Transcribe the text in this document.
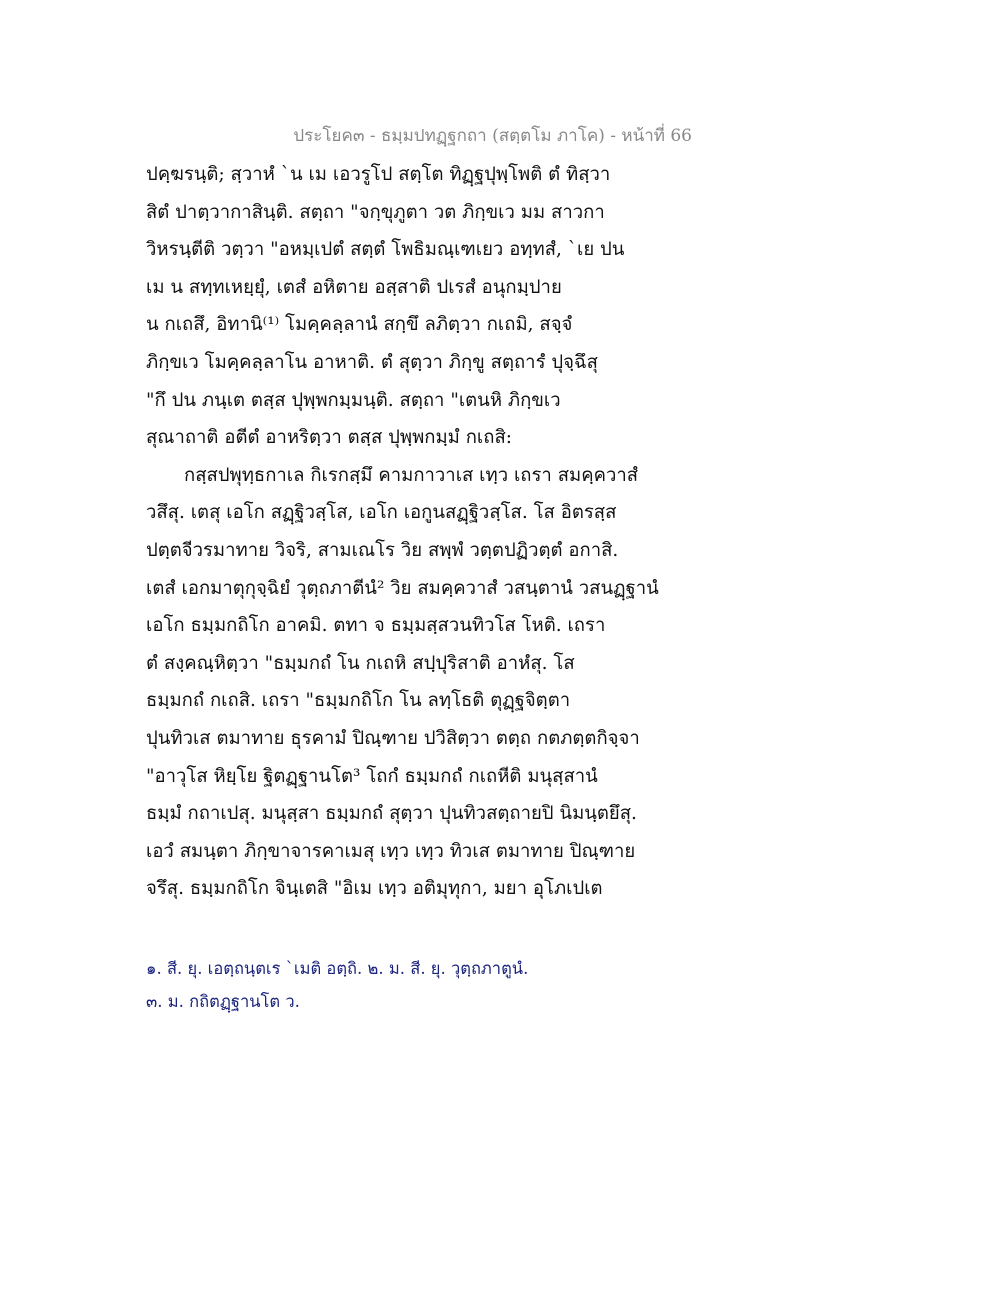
ประโยค๓ - ธมฺมปทฏฺฐกถา (สตฺตโม ภาโค) - หน้าที่ 66
ปคฺฆรนฺติ; สฺวาหํ `น เม เอวรูโป สตฺโต ทิฏฺฐปุพฺโพติ ตํ ทิสฺวา
สิตํ ปาตฺวากาสินฺติ. สตฺถา "จกฺขุภูตา วต ภิกฺขเว มม สาวกา
วิหรนฺตีติ วตฺวา "อหมฺเปตํ สตฺตํ โพธิมณฺเฑเยว อทฺทสํ, `เย ปน
เม น สทฺทเหยฺยุํ, เตสํ อหิตาย อสฺสาติ ปเรสํ อนุกมฺปาย
น กเถสึ, อิทานิ⁽¹⁾ โมคฺคลฺลานํ สกฺขึ ลภิตฺวา กเถมิ, สจฺจํ
ภิกฺขเว โมคฺคลฺลาโน อาหาติ. ตํ สุตฺวา ภิกฺขู สตฺถารํ ปุจฺฉึสุ
"กึ ปน ภนฺเต ตสฺส ปุพฺพกมฺมนฺติ. สตฺถา "เตนหิ ภิกฺขเว
สุณาถาติ อตีตํ อาหริตฺวา ตสฺส ปุพฺพกมฺมํ กเถสิ:
กสฺสปพุทฺธกาเล กิเรกสฺมึ คามกาวาเส เทฺว เถรา สมคฺควาสํ
วสึสุ. เตสุ เอโก สฏฺฐิวสฺโส, เอโก เอกูนสฏฺฐิวสฺโส. โส อิตรสฺส
ปตฺตจีวรมาทาย วิจริ, สามเณโร วิย สพฺพํ วตฺตปฏิวตฺตํ อกาสิ.
เตสํ เอกมาตุกุจฺฉิยํ วุตฺถภาตีนํ² วิย สมคฺควาสํ วสนฺตานํ วสนฏฺฐานํ
เอโก ธมฺมกถิโก อาคมิ. ตทา จ ธมฺมสฺสวนทิวโส โหติ. เถรา
ตํ สงฺคณฺหิตฺวา "ธมฺมกถํ โน กเถหิ สปฺปุริสาติ อาหํสุ. โส
ธมฺมกถํ กเถสิ. เถรา "ธมฺมกถิโก โน ลทฺโธติ ตุฏฺฐจิตฺตา
ปุนทิวเส ตมาทาย ธุรคามํ ปิณฺฑาย ปวิสิตฺวา ตตฺถ กตภตฺตกิจฺจา
"อาวุโส หิยฺโย ฐิตฏฺฐานโต³ โถกํ ธมฺมกถํ กเถหีติ มนุสฺสานํ
ธมฺมํ กถาเปสุ. มนุสฺสา ธมฺมกถํ สุตฺวา ปุนทิวสตฺถายปิ นิมนฺตยึสุ.
เอวํ สมนฺตา ภิกฺขาจารคาเมสุ เทฺว เทฺว ทิวเส ตมาทาย ปิณฺฑาย
จรึสุ. ธมฺมกถิโก จินฺเตสิ "อิเม เทฺว อติมุทุกา, มยา อุโภเปเต
๑. สี. ยุ. เอตฺถนฺตเร `เมติ อตฺถิ. ๒. ม. สี. ยุ. วุตฺถภาตูนํ.
๓. ม. กถิตฏฺฐานโต ว.
